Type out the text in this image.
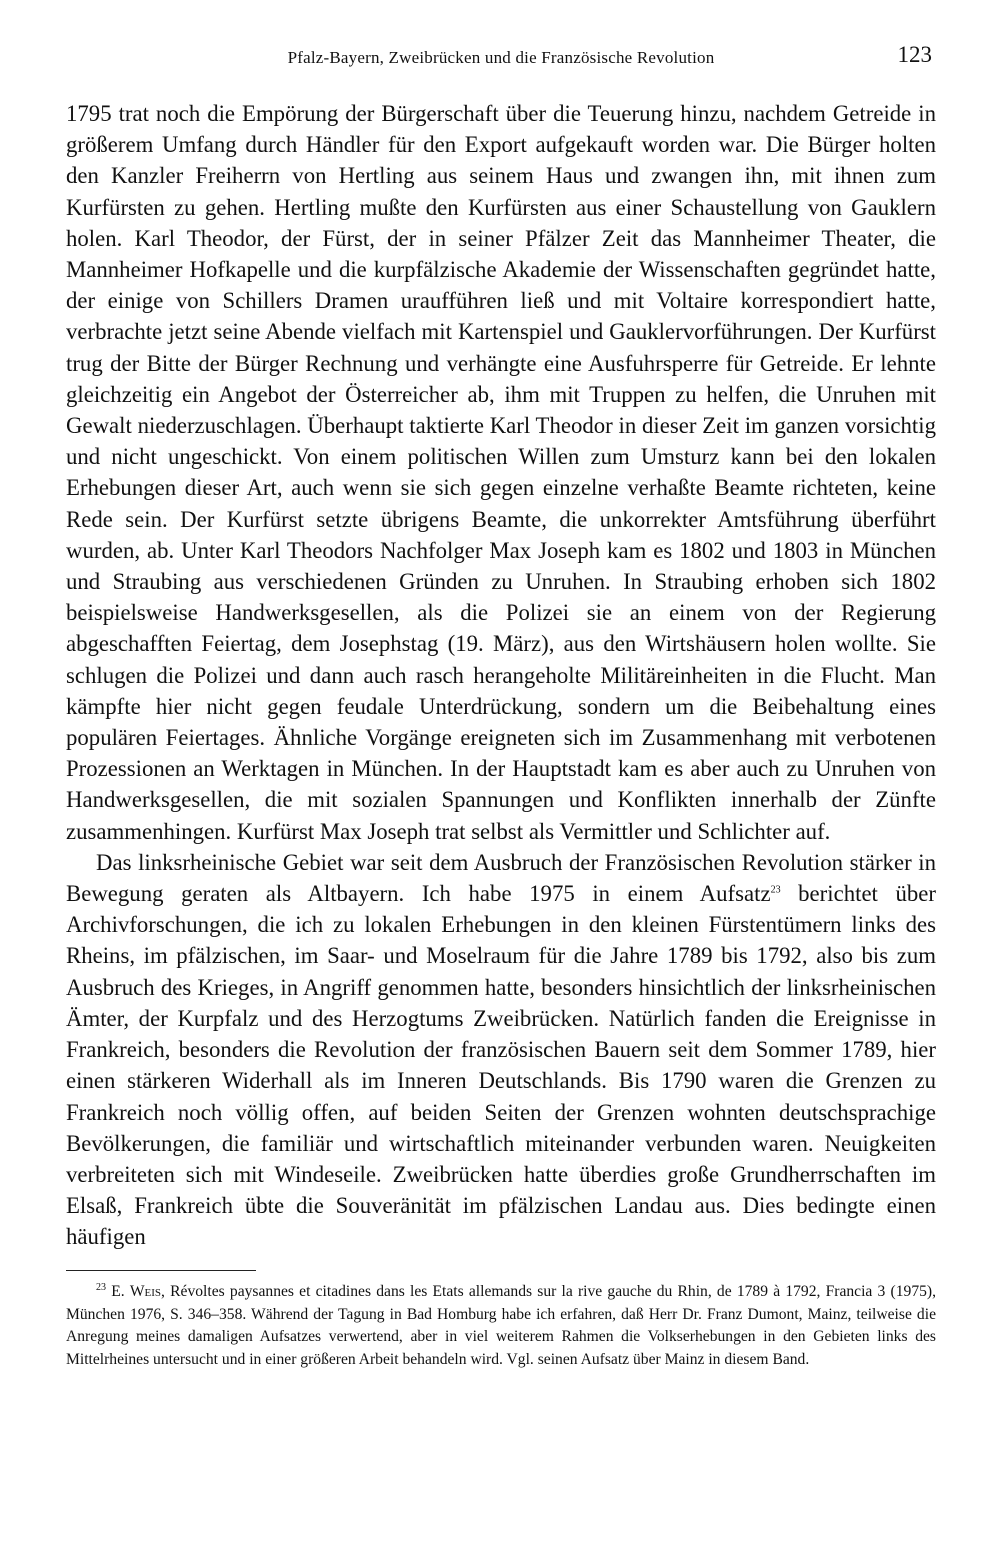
Pfalz-Bayern, Zweibrücken und die Französische Revolution	123

1795 trat noch die Empörung der Bürgerschaft über die Teuerung hinzu, nachdem Getreide in größerem Umfang durch Händler für den Export aufgekauft worden war. Die Bürger holten den Kanzler Freiherrn von Hertling aus seinem Haus und zwangen ihn, mit ihnen zum Kurfürsten zu gehen. Hertling mußte den Kurfürsten aus einer Schaustellung von Gauklern holen. Karl Theodor, der Fürst, der in seiner Pfälzer Zeit das Mannheimer Theater, die Mannheimer Hofkapelle und die kurpfälzische Akademie der Wissenschaften gegründet hatte, der einige von Schillers Dramen uraufführen ließ und mit Voltaire korrespondiert hatte, verbrachte jetzt seine Abende vielfach mit Kartenspiel und Gauklervorführungen. Der Kurfürst trug der Bitte der Bürger Rechnung und verhängte eine Ausfuhrsperre für Getreide. Er lehnte gleichzeitig ein Angebot der Österreicher ab, ihm mit Truppen zu helfen, die Unruhen mit Gewalt niederzuschlagen. Überhaupt taktierte Karl Theodor in dieser Zeit im ganzen vorsichtig und nicht ungeschickt. Von einem politischen Willen zum Umsturz kann bei den lokalen Erhebungen dieser Art, auch wenn sie sich gegen einzelne verhaßte Beamte richteten, keine Rede sein. Der Kurfürst setzte übrigens Beamte, die unkorrekter Amtsführung überführt wurden, ab. Unter Karl Theodors Nachfolger Max Joseph kam es 1802 und 1803 in München und Straubing aus verschiedenen Gründen zu Unruhen. In Straubing erhoben sich 1802 beispielsweise Handwerksgesellen, als die Polizei sie an einem von der Regierung abgeschafften Feiertag, dem Josephstag (19. März), aus den Wirtshäusern holen wollte. Sie schlugen die Polizei und dann auch rasch herangeholte Militäreinheiten in die Flucht. Man kämpfte hier nicht gegen feudale Unterdrückung, sondern um die Beibehaltung eines populären Feiertages. Ähnliche Vorgänge ereigneten sich im Zusammenhang mit verbotenen Prozessionen an Werktagen in München. In der Hauptstadt kam es aber auch zu Unruhen von Handwerksgesellen, die mit sozialen Spannungen und Konflikten innerhalb der Zünfte zusammenhingen. Kurfürst Max Joseph trat selbst als Vermittler und Schlichter auf.

Das linksrheinische Gebiet war seit dem Ausbruch der Französischen Revolution stärker in Bewegung geraten als Altbayern. Ich habe 1975 in einem Aufsatz$^{23}$ berichtet über Archivforschungen, die ich zu lokalen Erhebungen in den kleinen Fürstentümern links des Rheins, im pfälzischen, im Saar- und Moselraum für die Jahre 1789 bis 1792, also bis zum Ausbruch des Krieges, in Angriff genommen hatte, besonders hinsichtlich der linksrheinischen Ämter, der Kurpfalz und des Herzogtums Zweibrücken. Natürlich fanden die Ereignisse in Frankreich, besonders die Revolution der französischen Bauern seit dem Sommer 1789, hier einen stärkeren Widerhall als im Inneren Deutschlands. Bis 1790 waren die Grenzen zu Frankreich noch völlig offen, auf beiden Seiten der Grenzen wohnten deutschsprachige Bevölkerungen, die familiär und wirtschaftlich miteinander verbunden waren. Neuigkeiten verbreiteten sich mit Windeseile. Zweibrücken hatte überdies große Grundherrschaften im Elsaß, Frankreich übte die Souveränität im pfälzischen Landau aus. Dies bedingte einen häufigen

$^{23}$ E. Weis, Révoltes paysannes et citadines dans les Etats allemands sur la rive gauche du Rhin, de 1789 à 1792, Francia 3 (1975), München 1976, S. 346–358. Während der Tagung in Bad Homburg habe ich erfahren, daß Herr Dr. Franz Dumont, Mainz, teilweise die Anregung meines damaligen Aufsatzes verwertend, aber in viel weiterem Rahmen die Volkserhebungen in den Gebieten links des Mittelrheines untersucht und in einer größeren Arbeit behandeln wird. Vgl. seinen Aufsatz über Mainz in diesem Band.
